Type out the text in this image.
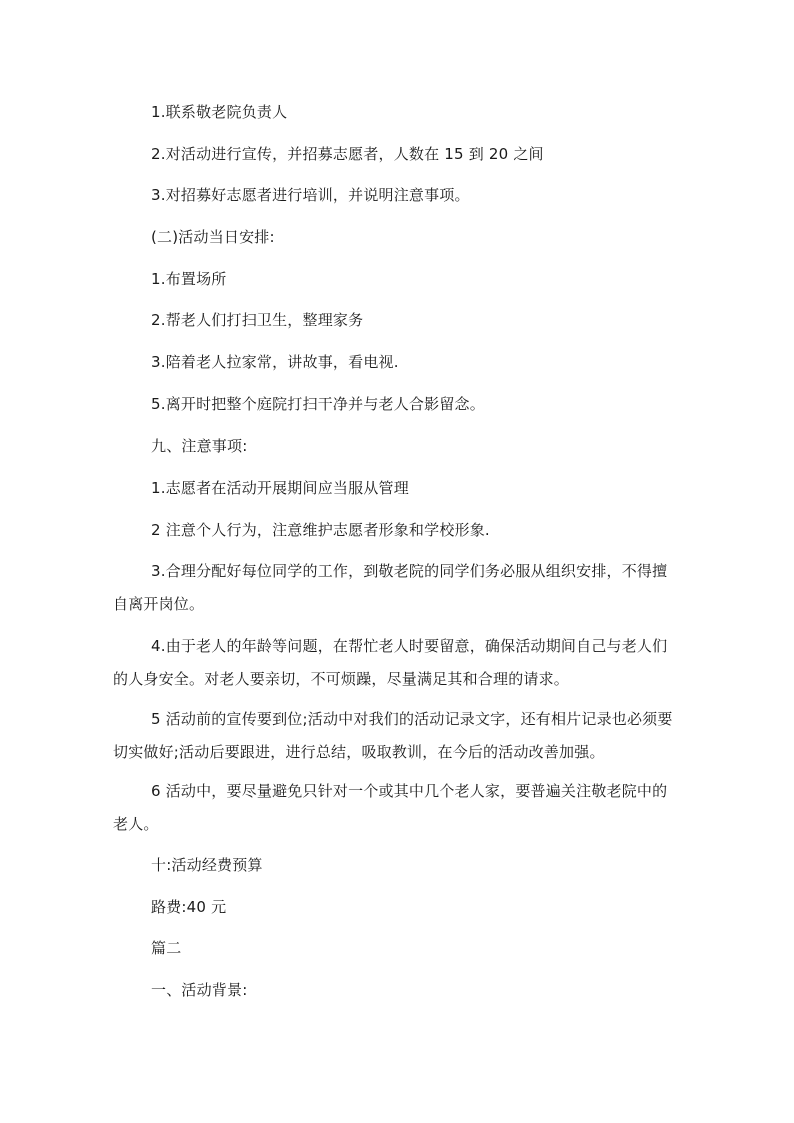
1.联系敬老院负责人

2.对活动进行宣传，并招募志愿者，人数在 15 到 20 之间

3.对招募好志愿者进行培训，并说明注意事项。

(二)活动当日安排:

1.布置场所

2.帮老人们打扫卫生，整理家务

3.陪着老人拉家常，讲故事，看电视.

5.离开时把整个庭院打扫干净并与老人合影留念。

九、注意事项:

1.志愿者在活动开展期间应当服从管理

2 注意个人行为，注意维护志愿者形象和学校形象.

3.合理分配好每位同学的工作，到敬老院的同学们务必服从组织安排，不得擅自离开岗位。

4.由于老人的年龄等问题，在帮忙老人时要留意，确保活动期间自己与老人们的人身安全。对老人要亲切，不可烦躁，尽量满足其和合理的请求。

5 活动前的宣传要到位;活动中对我们的活动记录文字，还有相片记录也必须要切实做好;活动后要跟进，进行总结，吸取教训，在今后的活动改善加强。

6 活动中，要尽量避免只针对一个或其中几个老人家，要普遍关注敬老院中的老人。

十:活动经费预算

路费:40 元

篇二

一、活动背景:
